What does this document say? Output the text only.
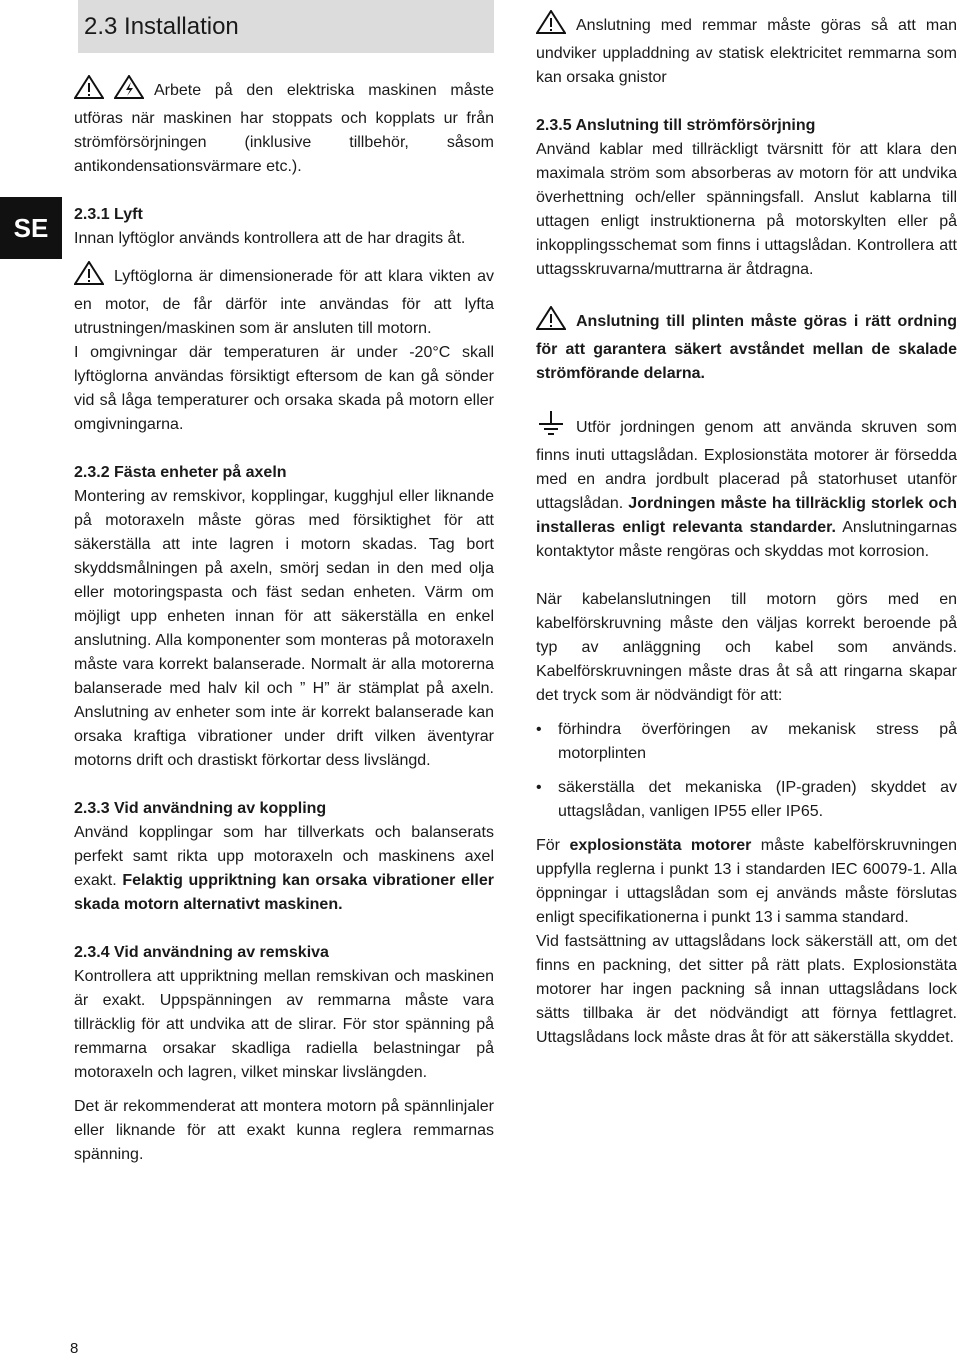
SE
8
2.3 Installation

Arbete på den elektriska maskinen måste utföras när maskinen har stoppats och kopplats ur från strömförsörjningen (inklusive tillbehör, såsom antikondensationsvärmare etc.).

2.3.1 Lyft

Innan lyftöglor används kontrollera att de har dragits åt.

Lyftöglorna är dimensionerade för att klara vikten av en motor, de får därför inte användas för att lyfta utrustningen/maskinen som är ansluten till motorn.

I omgivningar där temperaturen är under -20°C skall lyftöglorna användas försiktigt eftersom de kan gå sönder vid så låga temperaturer och orsaka skada på motorn eller omgivningarna.

2.3.2 Fästa enheter på axeln

Montering av remskivor, kopplingar, kugghjul eller liknande på motoraxeln måste göras med försiktighet för att säkerställa att inte lagren i motorn skadas. Tag bort skyddsmålningen på axeln, smörj sedan in den med olja eller motoringspasta och fäst sedan enheten. Värm om möjligt upp enheten innan för att säkerställa en enkel anslutning. Alla komponenter som monteras på motoraxeln måste vara korrekt balanserade. Normalt är alla motorerna balanserade med halv kil och ” H” är stämplat på axeln. Anslutning av enheter som inte är korrekt balanserade kan orsaka kraftiga vibrationer under drift vilken äventyrar motorns drift och drastiskt förkortar dess livslängd.

2.3.3 Vid användning av koppling

Använd kopplingar som har tillverkats och balanserats perfekt samt rikta upp motoraxeln och maskinens axel exakt. Felaktig uppriktning kan orsaka vibrationer eller skada motorn alternativt maskinen.

2.3.4 Vid användning av remskiva

Kontrollera att uppriktning mellan remskivan och maskinen är exakt. Uppspänningen av remmarna måste vara tillräcklig för att undvika att de slirar. För stor spänning på remmarna orsakar skadliga radiella belastningar på motoraxeln och lagren, vilket minskar livslängden.

Det är rekommenderat att montera motorn på spännlinjaler eller liknande för att exakt kunna reglera remmarnas spänning.

Anslutning med remmar måste göras så att man undviker uppladdning av statisk elektricitet remmarna som kan orsaka gnistor

2.3.5 Anslutning till strömförsörjning

Använd kablar med tillräckligt tvärsnitt för att klara den maximala ström som absorberas av motorn för att undvika överhettning och/eller spänningsfall. Anslut kablarna till uttagen enligt instruktionerna på motorskylten eller på inkopplingsschemat som finns i uttagslådan. Kontrollera att uttagsskruvarna/muttrarna är åtdragna.

Anslutning till plinten måste göras i rätt ordning för att garantera säkert avståndet mellan de skalade strömförande delarna.

Utför jordningen genom att använda skruven som finns inuti uttagslådan. Explosionstäta motorer är försedda med en andra jordbult placerad på statorhuset utanför uttagslådan. Jordningen måste ha tillräcklig storlek och installeras enligt relevanta standarder. Anslutningarnas kontaktytor måste rengöras och skyddas mot korrosion.

När kabelanslutningen till motorn görs med en kabelförskruvning måste den väljas korrekt beroende på typ av anläggning och kabel som används. Kabelförskruvningen måste dras åt så att ringarna skapar det tryck som är nödvändigt för att:

• förhindra överföringen av mekanisk stress på motorplinten
• säkerställa det mekaniska (IP-graden) skyddet av uttagslådan, vanligen IP55 eller IP65.

För explosionstäta motorer måste kabelförskruvningen uppfylla reglerna i punkt 13 i standarden IEC 60079-1. Alla öppningar i uttagslådan som ej används måste förslutas enligt specifikationerna i punkt 13 i samma standard.

Vid fastsättning av uttagslådans lock säkerställ att, om det finns en packning, det sitter på rätt plats. Explosionstäta motorer har ingen packning så innan uttagslådans lock sätts tillbaka är det nödvändigt att förnya fettlagret. Uttagslådans lock måste dras åt för att säkerställa skyddet.
